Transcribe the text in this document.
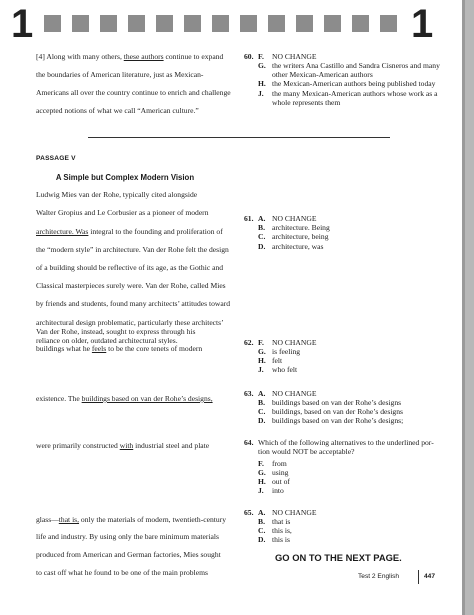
1	1
[4] Along with many others, these authors continue to expand
the boundaries of American literature, just as Mexican-
Americans all over the country continue to enrich and challenge
accepted notions of what we call “American culture.”
60. F.	NO CHANGE
G. the writers Ana Castillo and Sandra Cisneros and many
other Mexican-American authors
H. the Mexican-American authors being published today
J.	the many Mexican-American authors whose work as a
whole represents them
PASSAGE V
A Simple but Complex Modern Vision
Ludwig Mies van der Rohe, typically cited alongside
Walter Gropius and Le Corbusier as a pioneer of modern
architecture. Was integral to the founding and proliferation of
the “modern style” in architecture. Van der Rohe felt the design
of a building should be reflective of its age, as the Gothic and
Classical masterpieces surely were. Van der Rohe, called Mies
by friends and students, found many architects’ attitudes toward
architectural design problematic, particularly these architects’
reliance on older, outdated architectural styles.
Van der Rohe, instead, sought to express through his
buildings what he feels to be the core tenets of modern
existence. The buildings based on van der Rohe’s designs,
were primarily constructed with industrial steel and plate
glass—that is, only the materials of modern, twentieth-century
life and industry. By using only the bare minimum materials
produced from American and German factories, Mies sought
to cast off what he found to be one of the main problems
61. A. NO CHANGE
B. architecture. Being
C. architecture, being
D. architecture, was
62. F.	NO CHANGE
G. is feeling
H. felt
J.	who felt
63. A. NO CHANGE
B. buildings based on van der Rohe’s designs
C. buildings, based on van der Rohe’s designs
D. buildings based on van der Rohe’s designs;
64. Which of the following alternatives to the underlined por-
tion would NOT be acceptable?
F.	from
G. using
H. out of
J.	into
65. A. NO CHANGE
B. that is
C. this is,
D. this is
GO ON TO THE NEXT PAGE.
Test 2 English	447
